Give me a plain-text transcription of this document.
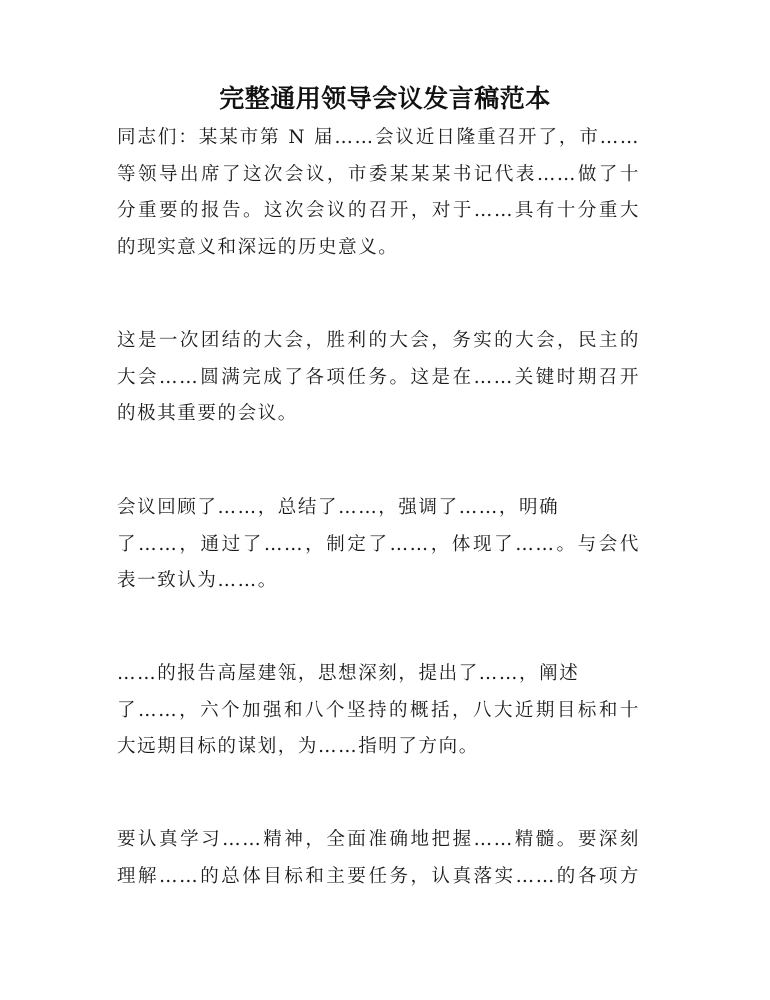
完整通用领导会议发言稿范本
同志们：某某市第 N 届……会议近日隆重召开了，市……
等领导出席了这次会议，市委某某某书记代表……做了十
分重要的报告。这次会议的召开，对于……具有十分重大
的现实意义和深远的历史意义。
这是一次团结的大会，胜利的大会，务实的大会，民主的
大会……圆满完成了各项任务。这是在……关键时期召开
的极其重要的会议。
会议回顾了……，总结了……，强调了……，明确
了……，通过了……，制定了……，体现了……。与会代
表一致认为……。
……的报告高屋建瓴，思想深刻，提出了……，阐述
了……，六个加强和八个坚持的概括，八大近期目标和十
大远期目标的谋划，为……指明了方向。
要认真学习……精神，全面准确地把握……精髓。要深刻
理解……的总体目标和主要任务，认真落实……的各项方
